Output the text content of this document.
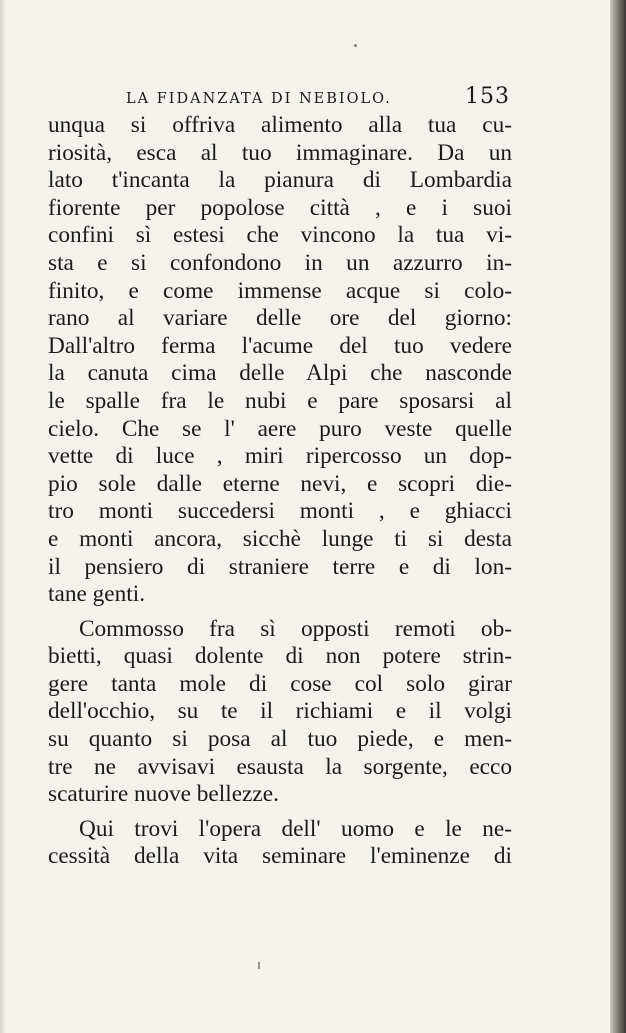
LA FIDANZATA DI NEBIOLO.	153
unqua si offriva alimento alla tua cu-
riosità, esca al tuo immaginare. Da un
lato t'incanta la pianura di Lombardia
fiorente per popolose città , e i suoi
confini sì estesi che vincono la tua vi-
sta e si confondono in un azzurro in-
finito, e come immense acque si colo-
rano al variare delle ore del giorno:
Dall'altro ferma l'acume del tuo vedere
la canuta cima delle Alpi che nasconde
le spalle fra le nubi e pare sposarsi al
cielo. Che se l' aere puro veste quelle
vette di luce , miri ripercosso un dop-
pio sole dalle eterne nevi, e scopri die-
tro monti succedersi monti , e ghiacci
e monti ancora, sicchè lunge ti si desta
il pensiero di straniere terre e di lon-
tane genti.
Commosso fra sì opposti remoti ob-
bietti, quasi dolente di non potere strin-
gere tanta mole di cose col solo girar
dell'occhio, su te il richiami e il volgi
su quanto si posa al tuo piede, e men-
tre ne avvisavi esausta la sorgente, ecco
scaturire nuove bellezze.
Qui trovi l'opera dell' uomo e le ne-
cessità della vita seminare l'eminenze di
